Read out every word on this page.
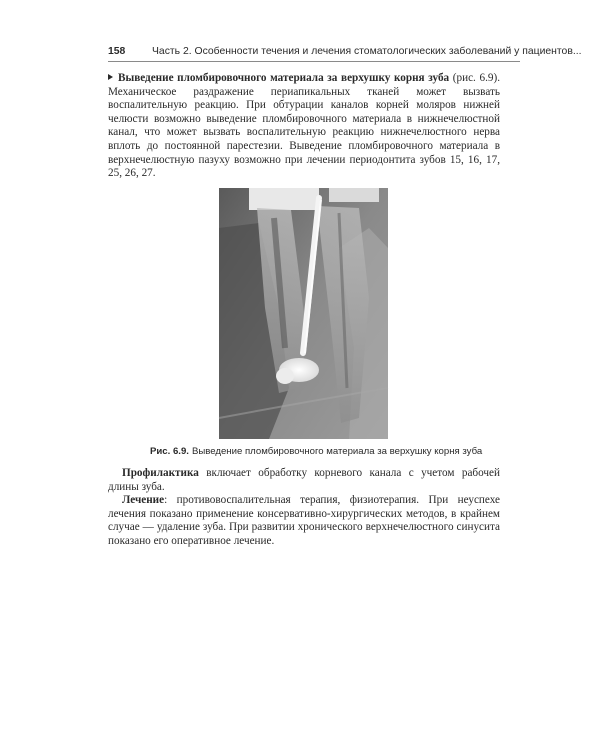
158	Часть 2. Особенности течения и лечения стоматологических заболеваний у пациентов...

Выведение пломбировочного материала за верхушку корня зуба (рис. 6.9). Механическое раздражение периапикальных тканей может вызвать воспалительную реакцию. При обтурации каналов корней моляров нижней челюсти возможно выведение пломбировочного материала в нижнечелюстной канал, что может вызвать воспалительную реакцию нижнечелюстного нерва вплоть до постоянной парестезии. Выведение пломбировочного материала в верхнечелюстную пазуху возможно при лечении периодонтита зубов 15, 16, 17, 25, 26, 27.

Рис. 6.9. Выведение пломбировочного материала за верхушку корня зуба

Профилактика включает обработку корневого канала с учетом рабочей длины зуба.

Лечение: противовоспалительная терапия, физиотерапия. При неуспехе лечения показано применение консервативно-хирургических методов, в крайнем случае — удаление зуба. При развитии хронического верхнечелюстного синусита показано его оперативное лечение.
